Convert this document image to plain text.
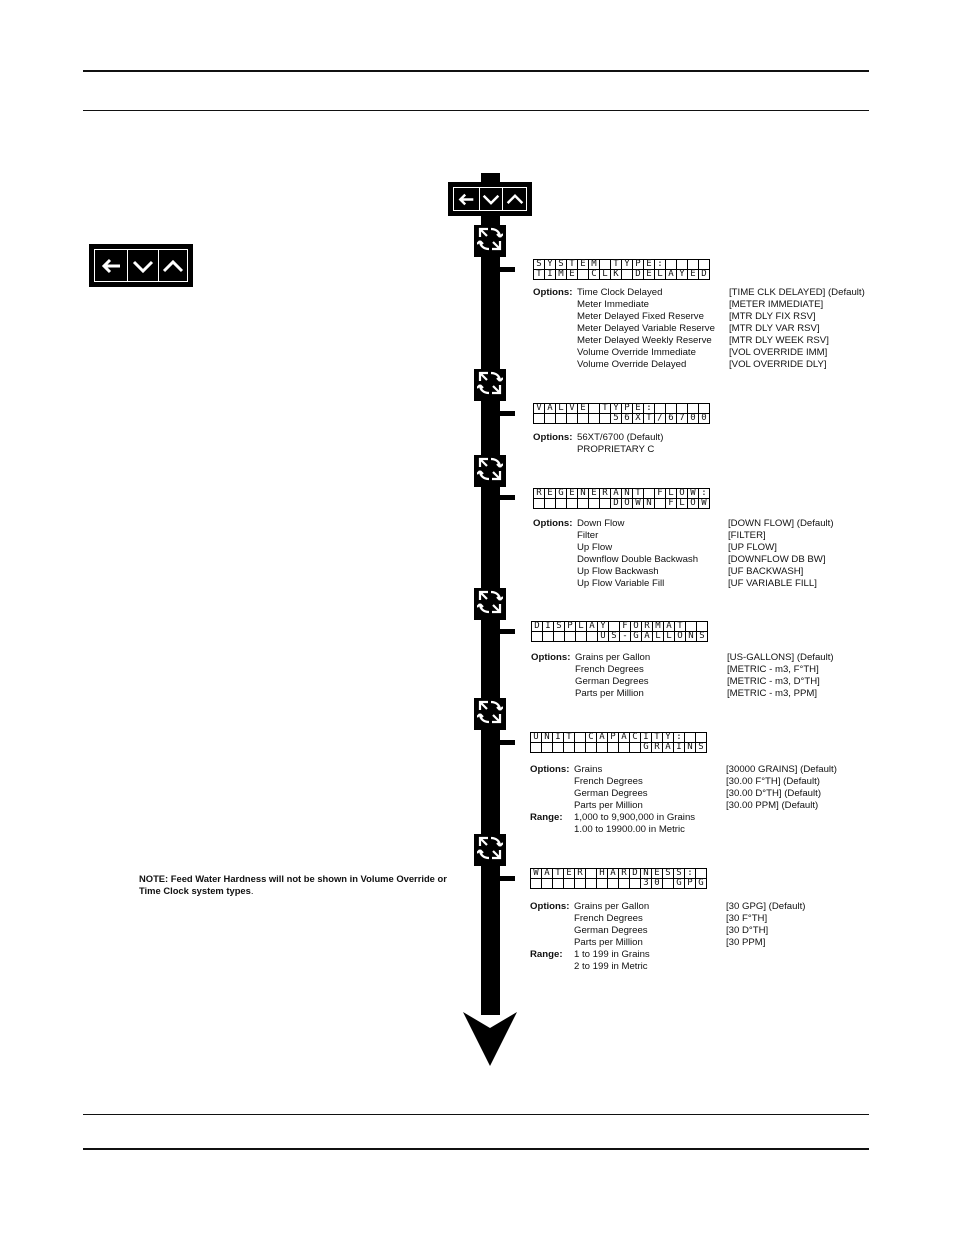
S	Y	S	T	E	M		T	Y	P	E	:				
T	I	M	E		C	L	K		D	E	L	A	Y	E	D
V	A	L	V	E		T	Y	P	E	:					
							5	6	X	T	/	6	7	0	0
R	E	G	E	N	E	R	A	N	T		F	L	O	W	:
							D	O	W	N		F	L	O	W
D	I	S	P	L	A	Y		F	O	R	M	A	T		
						U	S	-	G	A	L	L	O	N	S
U	N	I	T		C	A	P	A	C	I	T	Y	:		
										G	R	A	I	N	S
W	A	T	E	R		H	A	R	D	N	E	S	S	:	
										3	0		G	P	G
Options: Time Clock Delayed	[TIME CLK DELAYED] (Default)
Meter Immediate	[METER IMMEDIATE]
Meter Delayed Fixed Reserve	[MTR DLY FIX RSV]
Meter Delayed Variable Reserve	[MTR DLY VAR RSV]
Meter Delayed Weekly Reserve	[MTR DLY WEEK RSV]
Volume Override Immediate	[VOL OVERRIDE IMM]
Volume Override Delayed	[VOL OVERRIDE DLY]
Options: 56XT/6700 (Default)
PROPRIETARY C
Options: Down Flow	[DOWN FLOW] (Default)
Filter	[FILTER]
Up Flow	[UP FLOW]
Downflow Double Backwash	[DOWNFLOW DB BW]
Up Flow Backwash	[UF BACKWASH]
Up Flow Variable Fill	[UF VARIABLE FILL]
Options: Grains per Gallon	[US-GALLONS] (Default)
French Degrees	[METRIC - m3, F°TH]
German Degrees	[METRIC - m3, D°TH]
Parts per Million	[METRIC - m3, PPM]
Options: Grains	[30000 GRAINS] (Default)
French Degrees	[30.00 F°TH] (Default)
German Degrees	[30.00 D°TH] (Default)
Parts per Million	[30.00 PPM] (Default)
Range:	1,000 to 9,900,000 in Grains
1.00 to 19900.00 in Metric
Options: Grains per Gallon	[30 GPG] (Default)
French Degrees	[30 F°TH]
German Degrees	[30 D°TH]
Parts per Million	[30 PPM]
Range:	1 to 199 in Grains
2 to 199 in Metric
NOTE: Feed Water Hardness will not be shown in Volume Override or Time Clock system types.
